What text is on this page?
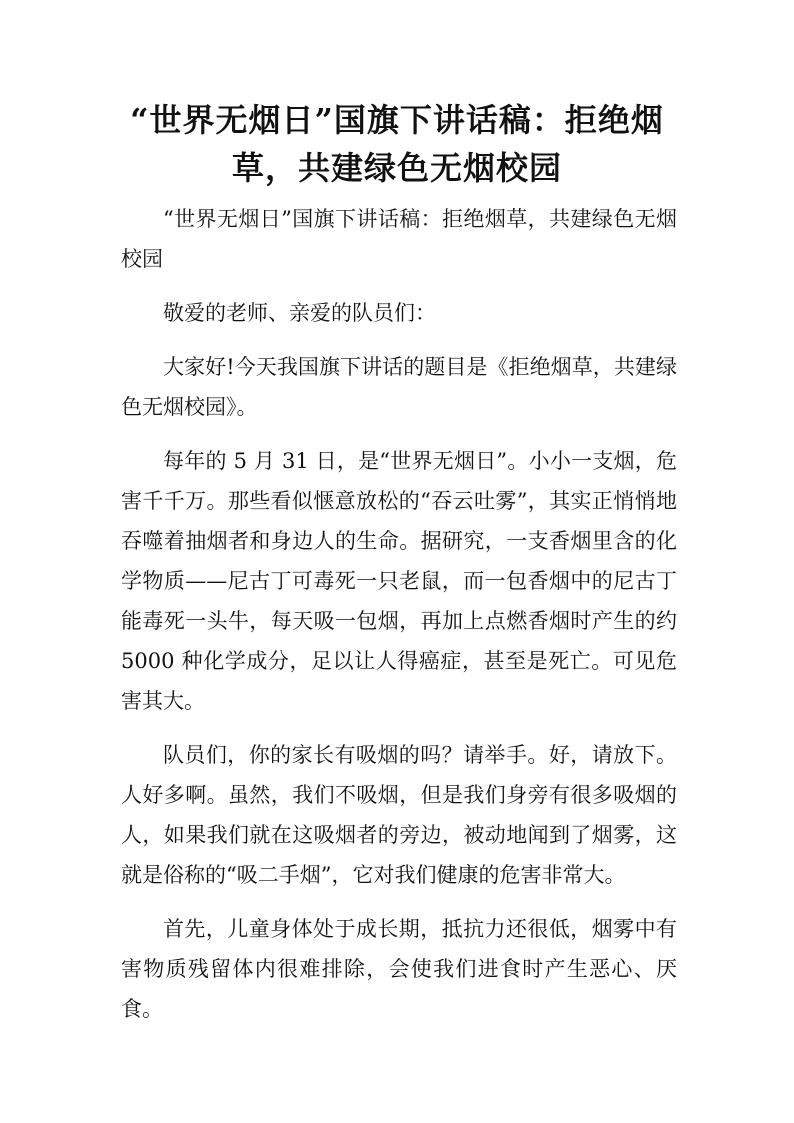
“世界无烟日”国旗下讲话稿：拒绝烟草，共建绿色无烟校园

“世界无烟日”国旗下讲话稿：拒绝烟草，共建绿色无烟校园

敬爱的老师、亲爱的队员们：

大家好!今天我国旗下讲话的题目是《拒绝烟草，共建绿色无烟校园》。

每年的 5 月 31 日，是“世界无烟日”。小小一支烟，危害千千万。那些看似惬意放松的“吞云吐雾”，其实正悄悄地吞噬着抽烟者和身边人的生命。据研究，一支香烟里含的化学物质——尼古丁可毒死一只老鼠，而一包香烟中的尼古丁能毒死一头牛，每天吸一包烟，再加上点燃香烟时产生的约 5000 种化学成分，足以让人得癌症，甚至是死亡。可见危害其大。

队员们，你的家长有吸烟的吗？请举手。好，请放下。人好多啊。虽然，我们不吸烟，但是我们身旁有很多吸烟的人，如果我们就在这吸烟者的旁边，被动地闻到了烟雾，这就是俗称的“吸二手烟”，它对我们健康的危害非常大。

首先，儿童身体处于成长期，抵抗力还很低，烟雾中有害物质残留体内很难排除，会使我们进食时产生恶心、厌食。
